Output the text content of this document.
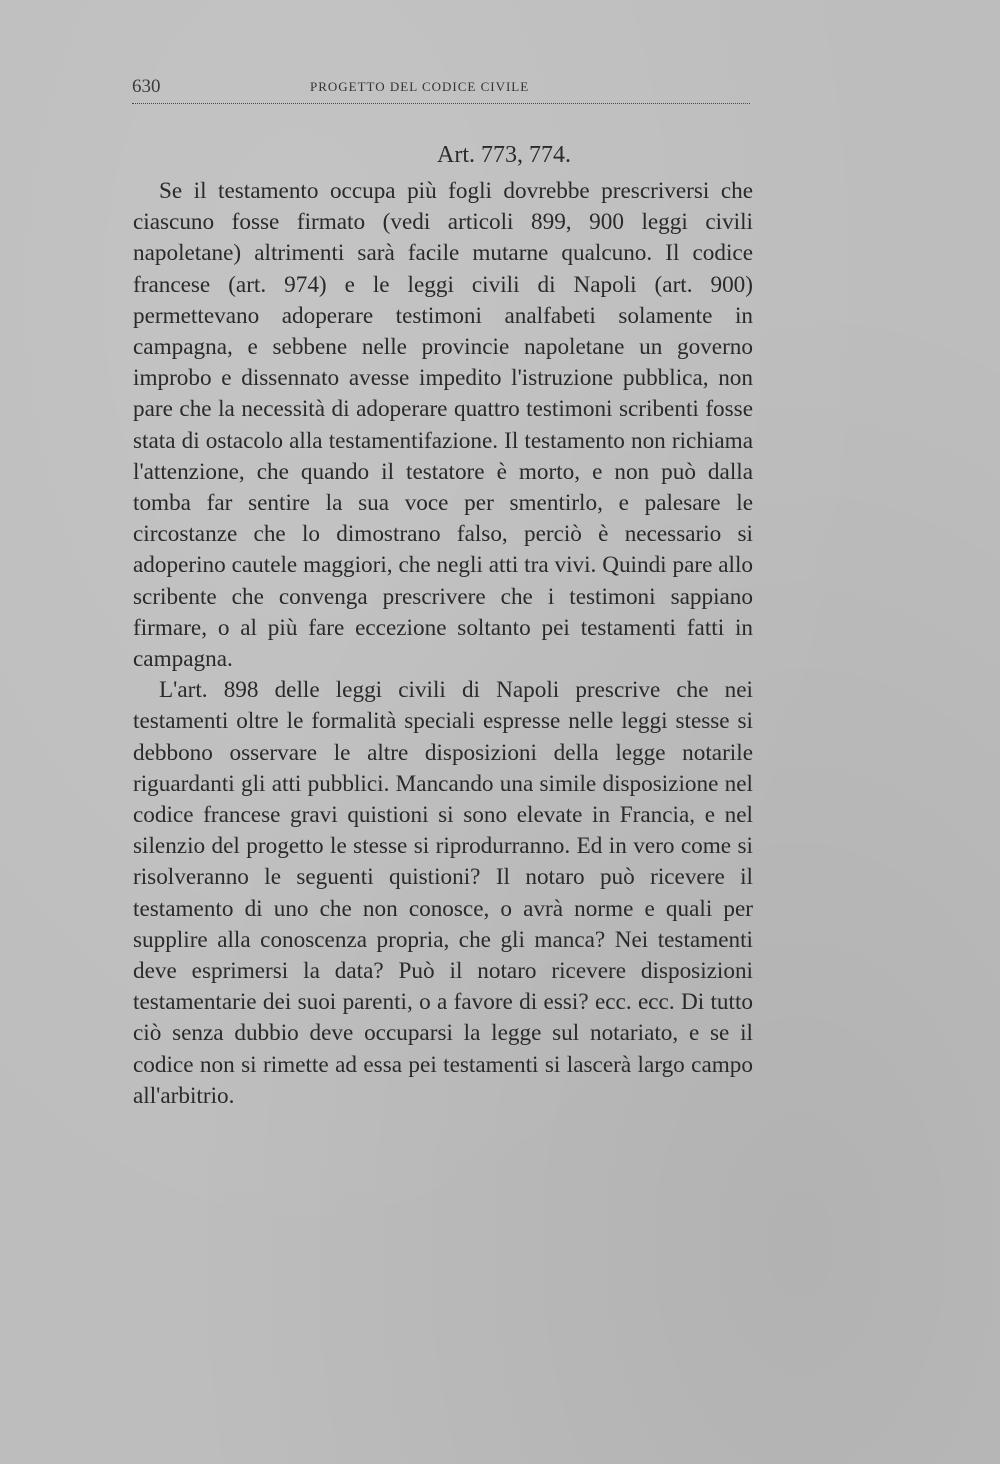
630	PROGETTO DEL CODICE CIVILE
Art. 773, 774.

Se il testamento occupa più fogli dovrebbe prescriversi che ciascuno fosse firmato (vedi articoli 899, 900 leggi civili napoletane) altrimenti sarà facile mutarne qualcuno. Il codice francese (art. 974) e le leggi civili di Napoli (art. 900) permettevano adoperare testimoni analfabeti solamente in campagna, e sebbene nelle provincie napoletane un governo improbo e dissennato avesse impedito l'istruzione pubblica, non pare che la necessità di adoperare quattro testimoni scribenti fosse stata di ostacolo alla testamentifazione. Il testamento non richiama l'attenzione, che quando il testatore è morto, e non può dalla tomba far sentire la sua voce per smentirlo, e palesare le circostanze che lo dimostrano falso, perciò è necessario si adoperino cautele maggiori, che negli atti tra vivi. Quindi pare allo scribente che convenga prescrivere che i testimoni sappiano firmare, o al più fare eccezione soltanto pei testamenti fatti in campagna.

L'art. 898 delle leggi civili di Napoli prescrive che nei testamenti oltre le formalità speciali espresse nelle leggi stesse si debbono osservare le altre disposizioni della legge notarile riguardanti gli atti pubblici. Mancando una simile disposizione nel codice francese gravi quistioni si sono elevate in Francia, e nel silenzio del progetto le stesse si riprodurranno. Ed in vero come si risolveranno le seguenti quistioni? Il notaro può ricevere il testamento di uno che non conosce, o avrà norme e quali per supplire alla conoscenza propria, che gli manca? Nei testamenti deve esprimersi la data? Può il notaro ricevere disposizioni testamentarie dei suoi parenti, o a favore di essi? ecc. ecc. Di tutto ciò senza dubbio deve occuparsi la legge sul notariato, e se il codice non si rimette ad essa pei testamenti si lascerà largo campo all'arbitrio.
